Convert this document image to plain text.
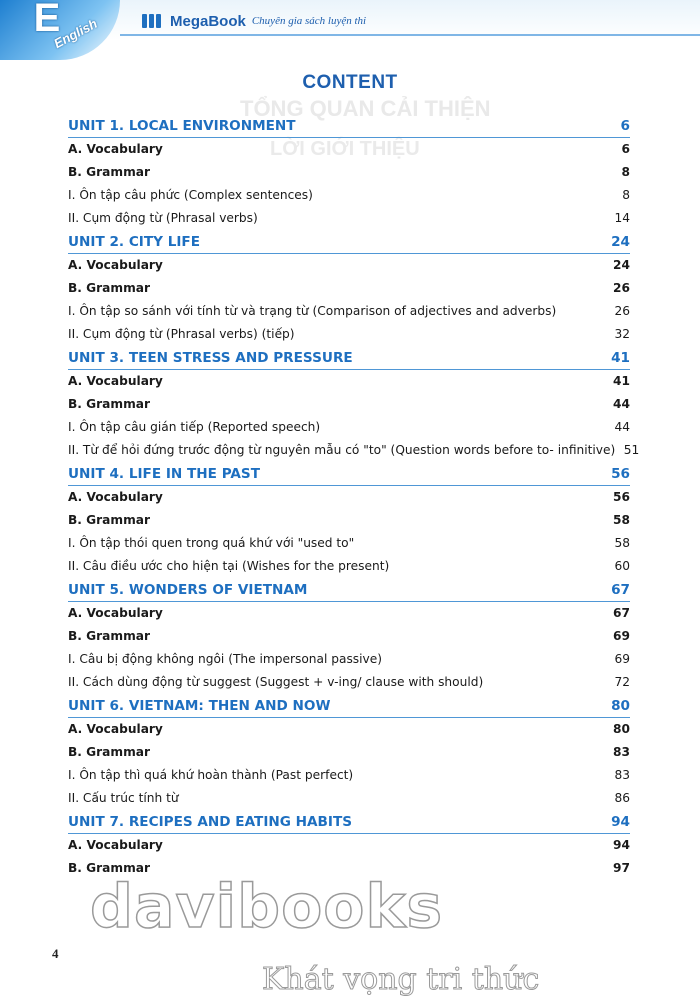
E
English	MegaBook Chuyên gia sách luyện thi
TỔNG QUAN CẢI THIỆN
LỜI GIỚI THIỆU
CONTENT
UNIT 1. LOCAL ENVIRONMENT	6
A. Vocabulary	6
B. Grammar	8
I. Ôn tập câu phức (Complex sentences)	8
II. Cụm động từ (Phrasal verbs)	14
UNIT 2. CITY LIFE	24
A. Vocabulary	24
B. Grammar	26
I. Ôn tập so sánh với tính từ và trạng từ (Comparison of adjectives and adverbs)	26
II. Cụm động từ (Phrasal verbs) (tiếp)	32
UNIT 3. TEEN STRESS AND PRESSURE	41
A. Vocabulary	41
B. Grammar	44
I. Ôn tập câu gián tiếp (Reported speech)	44
II. Từ để hỏi đứng trước động từ nguyên mẫu có "to" (Question words before to- infinitive) 51
UNIT 4. LIFE IN THE PAST	56
A. Vocabulary	56
B. Grammar	58
I. Ôn tập thói quen trong quá khứ với "used to"	58
II. Câu điều ước cho hiện tại (Wishes for the present)	60
UNIT 5. WONDERS OF VIETNAM	67
A. Vocabulary	67
B. Grammar	69
I. Câu bị động không ngôi (The impersonal passive)	69
II. Cách dùng động từ suggest (Suggest + v-ing/ clause with should)	72
UNIT 6. VIETNAM: THEN AND NOW	80
A. Vocabulary	80
B. Grammar	83
I. Ôn tập thì quá khứ hoàn thành (Past perfect)	83
II. Cấu trúc tính từ	86
UNIT 7. RECIPES AND EATING HABITS	94
A. Vocabulary	94
B. Grammar	97
4
davibooks
Khát vọng tri thức
